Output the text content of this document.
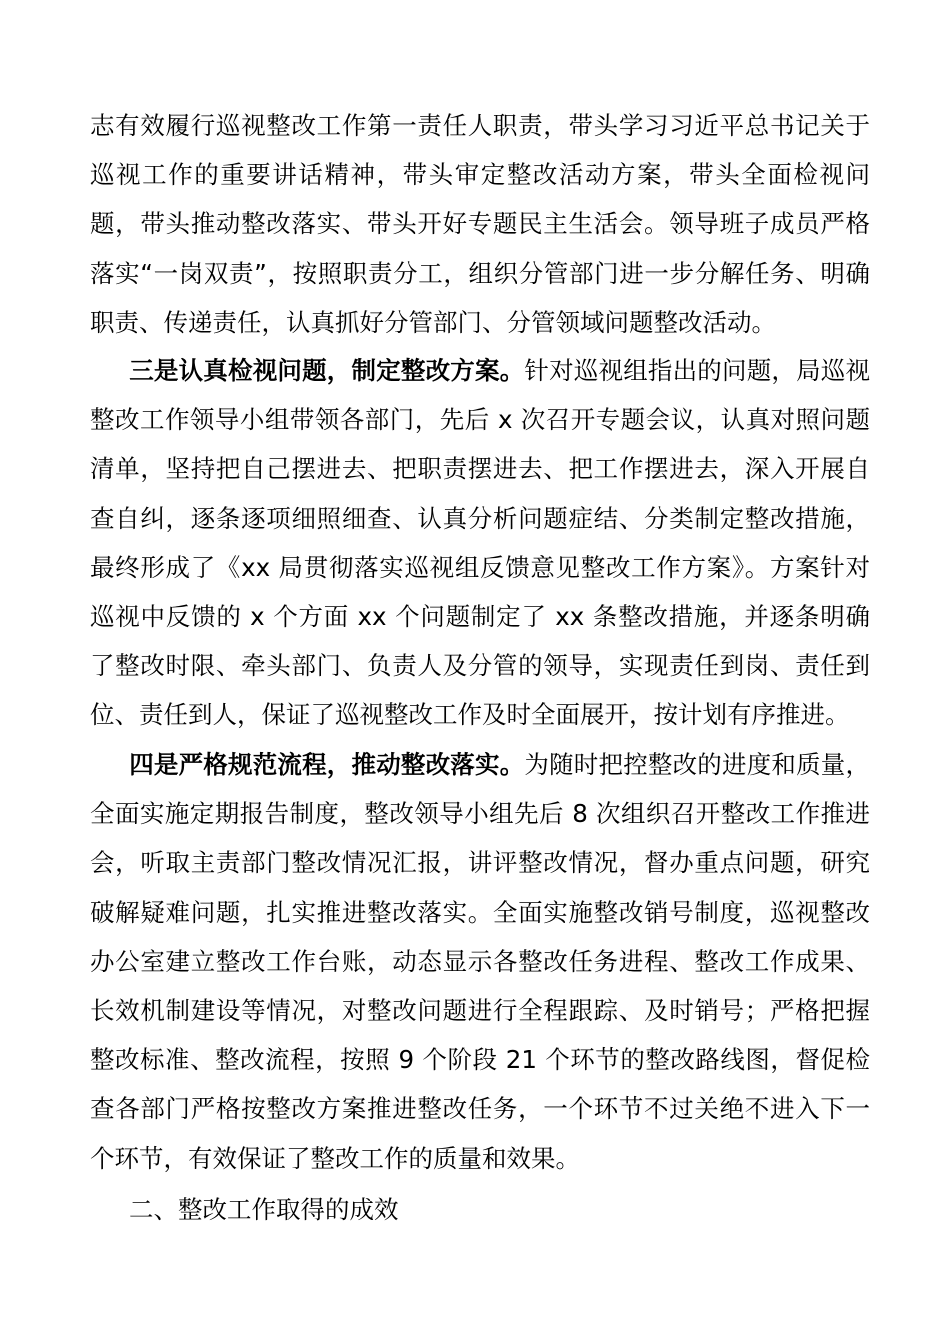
志有效履行巡视整改工作第一责任人职责，带头学习习近平总书记关于巡视工作的重要讲话精神，带头审定整改活动方案，带头全面检视问题，带头推动整改落实、带头开好专题民主生活会。领导班子成员严格落实“一岗双责”，按照职责分工，组织分管部门进一步分解任务、明确职责、传递责任，认真抓好分管部门、分管领域问题整改活动。

三是认真检视问题，制定整改方案。针对巡视组指出的问题，局巡视整改工作领导小组带领各部门，先后 x 次召开专题会议，认真对照问题清单，坚持把自己摆进去、把职责摆进去、把工作摆进去，深入开展自查自纠，逐条逐项细照细查、认真分析问题症结、分类制定整改措施，最终形成了《xx 局贯彻落实巡视组反馈意见整改工作方案》。方案针对巡视中反馈的 x 个方面 xx 个问题制定了 xx 条整改措施，并逐条明确了整改时限、牵头部门、负责人及分管的领导，实现责任到岗、责任到位、责任到人，保证了巡视整改工作及时全面展开，按计划有序推进。

四是严格规范流程，推动整改落实。为随时把控整改的进度和质量，全面实施定期报告制度，整改领导小组先后 8 次组织召开整改工作推进会，听取主责部门整改情况汇报，讲评整改情况，督办重点问题，研究破解疑难问题，扎实推进整改落实。全面实施整改销号制度，巡视整改办公室建立整改工作台账，动态显示各整改任务进程、整改工作成果、长效机制建设等情况，对整改问题进行全程跟踪、及时销号；严格把握整改标准、整改流程，按照 9 个阶段 21 个环节的整改路线图，督促检查各部门严格按整改方案推进整改任务，一个环节不过关绝不进入下一个环节，有效保证了整改工作的质量和效果。

二、整改工作取得的成效
